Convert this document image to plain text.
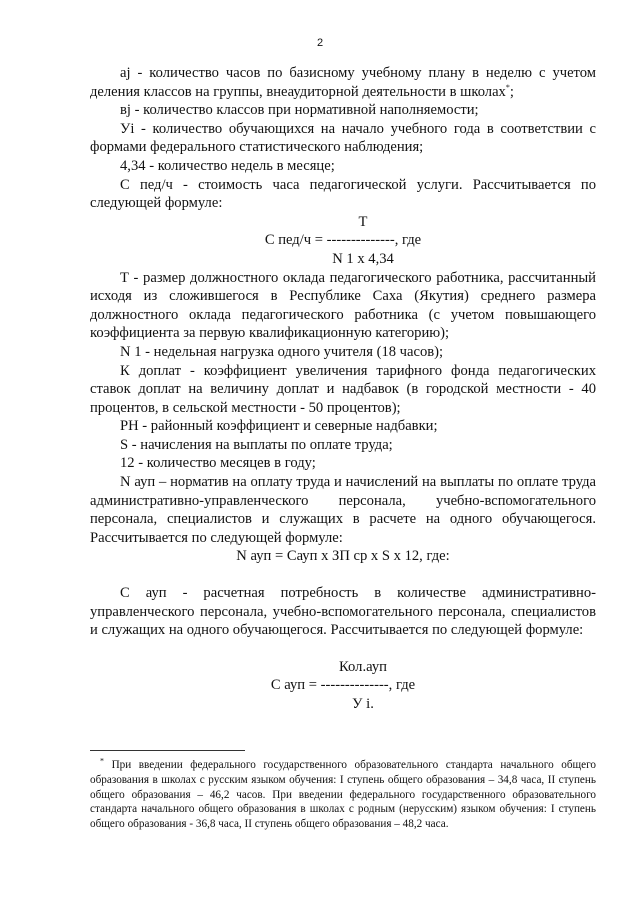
2

аj - количество часов по базисному учебному плану в неделю с учетом деления классов на группы, внеаудиторной деятельности в школах*;

вj - количество классов при нормативной наполняемости;

Уi - количество обучающихся на начало учебного года в соответствии с формами федерального статистического наблюдения;

4,34 - количество недель в месяце;

С пед/ч - стоимость часа педагогической услуги. Рассчитывается по следующей формуле:

Т
С пед/ч = --------------, где
N 1 х 4,34

Т - размер должностного оклада педагогического работника, рассчитанный исходя из сложившегося в Республике Саха (Якутия) среднего размера должностного оклада педагогического работника (с учетом повышающего коэффициента за первую квалификационную категорию);

N 1 - недельная нагрузка одного учителя (18 часов);

К доплат - коэффициент увеличения тарифного фонда педагогических ставок доплат на величину доплат и надбавок (в городской местности - 40 процентов, в сельской местности - 50 процентов);

РН - районный коэффициент и северные надбавки;

S - начисления на выплаты по оплате труда;

12 - количество месяцев в году;

N ауп – норматив на оплату труда и начислений на выплаты по оплате труда административно-управленческого персонала, учебно-вспомогательного персонала, специалистов и служащих в расчете на одного обучающегося. Рассчитывается по следующей формуле:

N ауп = Сауп х ЗП ср х S х 12, где:

С ауп - расчетная потребность в количестве административно-управленческого персонала, учебно-вспомогательного персонала, специалистов и служащих на одного обучающегося. Рассчитывается по следующей формуле:

Кол.ауп
С ауп = --------------, где
У i.
* При введении федерального государственного образовательного стандарта начального общего образования в школах с русским языком обучения: I ступень общего образования – 34,8 часа, II ступень общего образования – 46,2 часов. При введении федерального государственного образовательного стандарта начального общего образования в школах с родным (нерусским) языком обучения: I ступень общего образования - 36,8 часа, II ступень общего образования – 48,2 часа.
